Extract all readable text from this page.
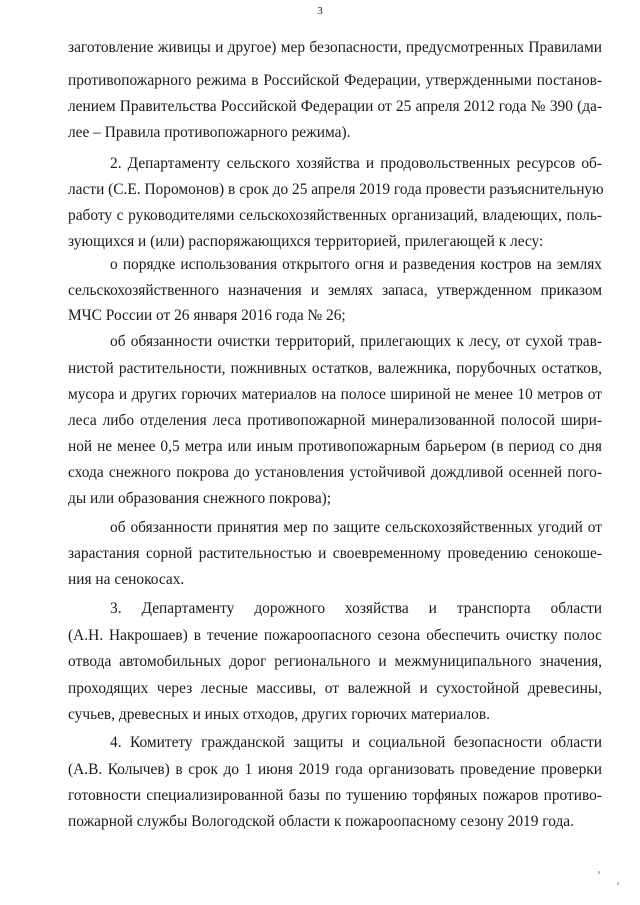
3
заготовление живицы и другое) мер безопасности, предусмотренных Правилами
противопожарного режима в Российской Федерации, утвержденными постанов-
лением Правительства Российской Федерации от 25 апреля 2012 года № 390 (да-
лее – Правила противопожарного режима).
2. Департаменту сельского хозяйства и продовольственных ресурсов об-
ласти (С.Е. Поромонов) в срок до 25 апреля 2019 года провести разъяснительную
работу с руководителями сельскохозяйственных организаций, владеющих, поль-
зующихся и (или) распоряжающихся территорией, прилегающей к лесу:
о порядке использования открытого огня и разведения костров на землях
сельскохозяйственного назначения и землях запаса, утвержденном приказом
МЧС России от 26 января 2016 года № 26;
об обязанности очистки территорий, прилегающих к лесу, от сухой трав-
нистой растительности, пожнивных остатков, валежника, порубочных остатков,
мусора и других горючих материалов на полосе шириной не менее 10 метров от
леса либо отделения леса противопожарной минерализованной полосой шири-
ной не менее 0,5 метра или иным противопожарным барьером (в период со дня
схода снежного покрова до установления устойчивой дождливой осенней пого-
ды или образования снежного покрова);
об обязанности принятия мер по защите сельскохозяйственных угодий от
зарастания сорной растительностью и своевременному проведению сенокоше-
ния на сенокосах.
3. Департаменту дорожного хозяйства и транспорта области
(А.Н. Накрошаев) в течение пожароопасного сезона обеспечить очистку полос
отвода автомобильных дорог регионального и межмуниципального значения,
проходящих через лесные массивы, от валежной и сухостойной древесины,
сучьев, древесных и иных отходов, других горючих материалов.
4. Комитету гражданской защиты и социальной безопасности области
(А.В. Колычев) в срок до 1 июня 2019 года организовать проведение проверки
готовности специализированной базы по тушению торфяных пожаров противо-
пожарной службы Вологодской области к пожароопасному сезону 2019 года.
